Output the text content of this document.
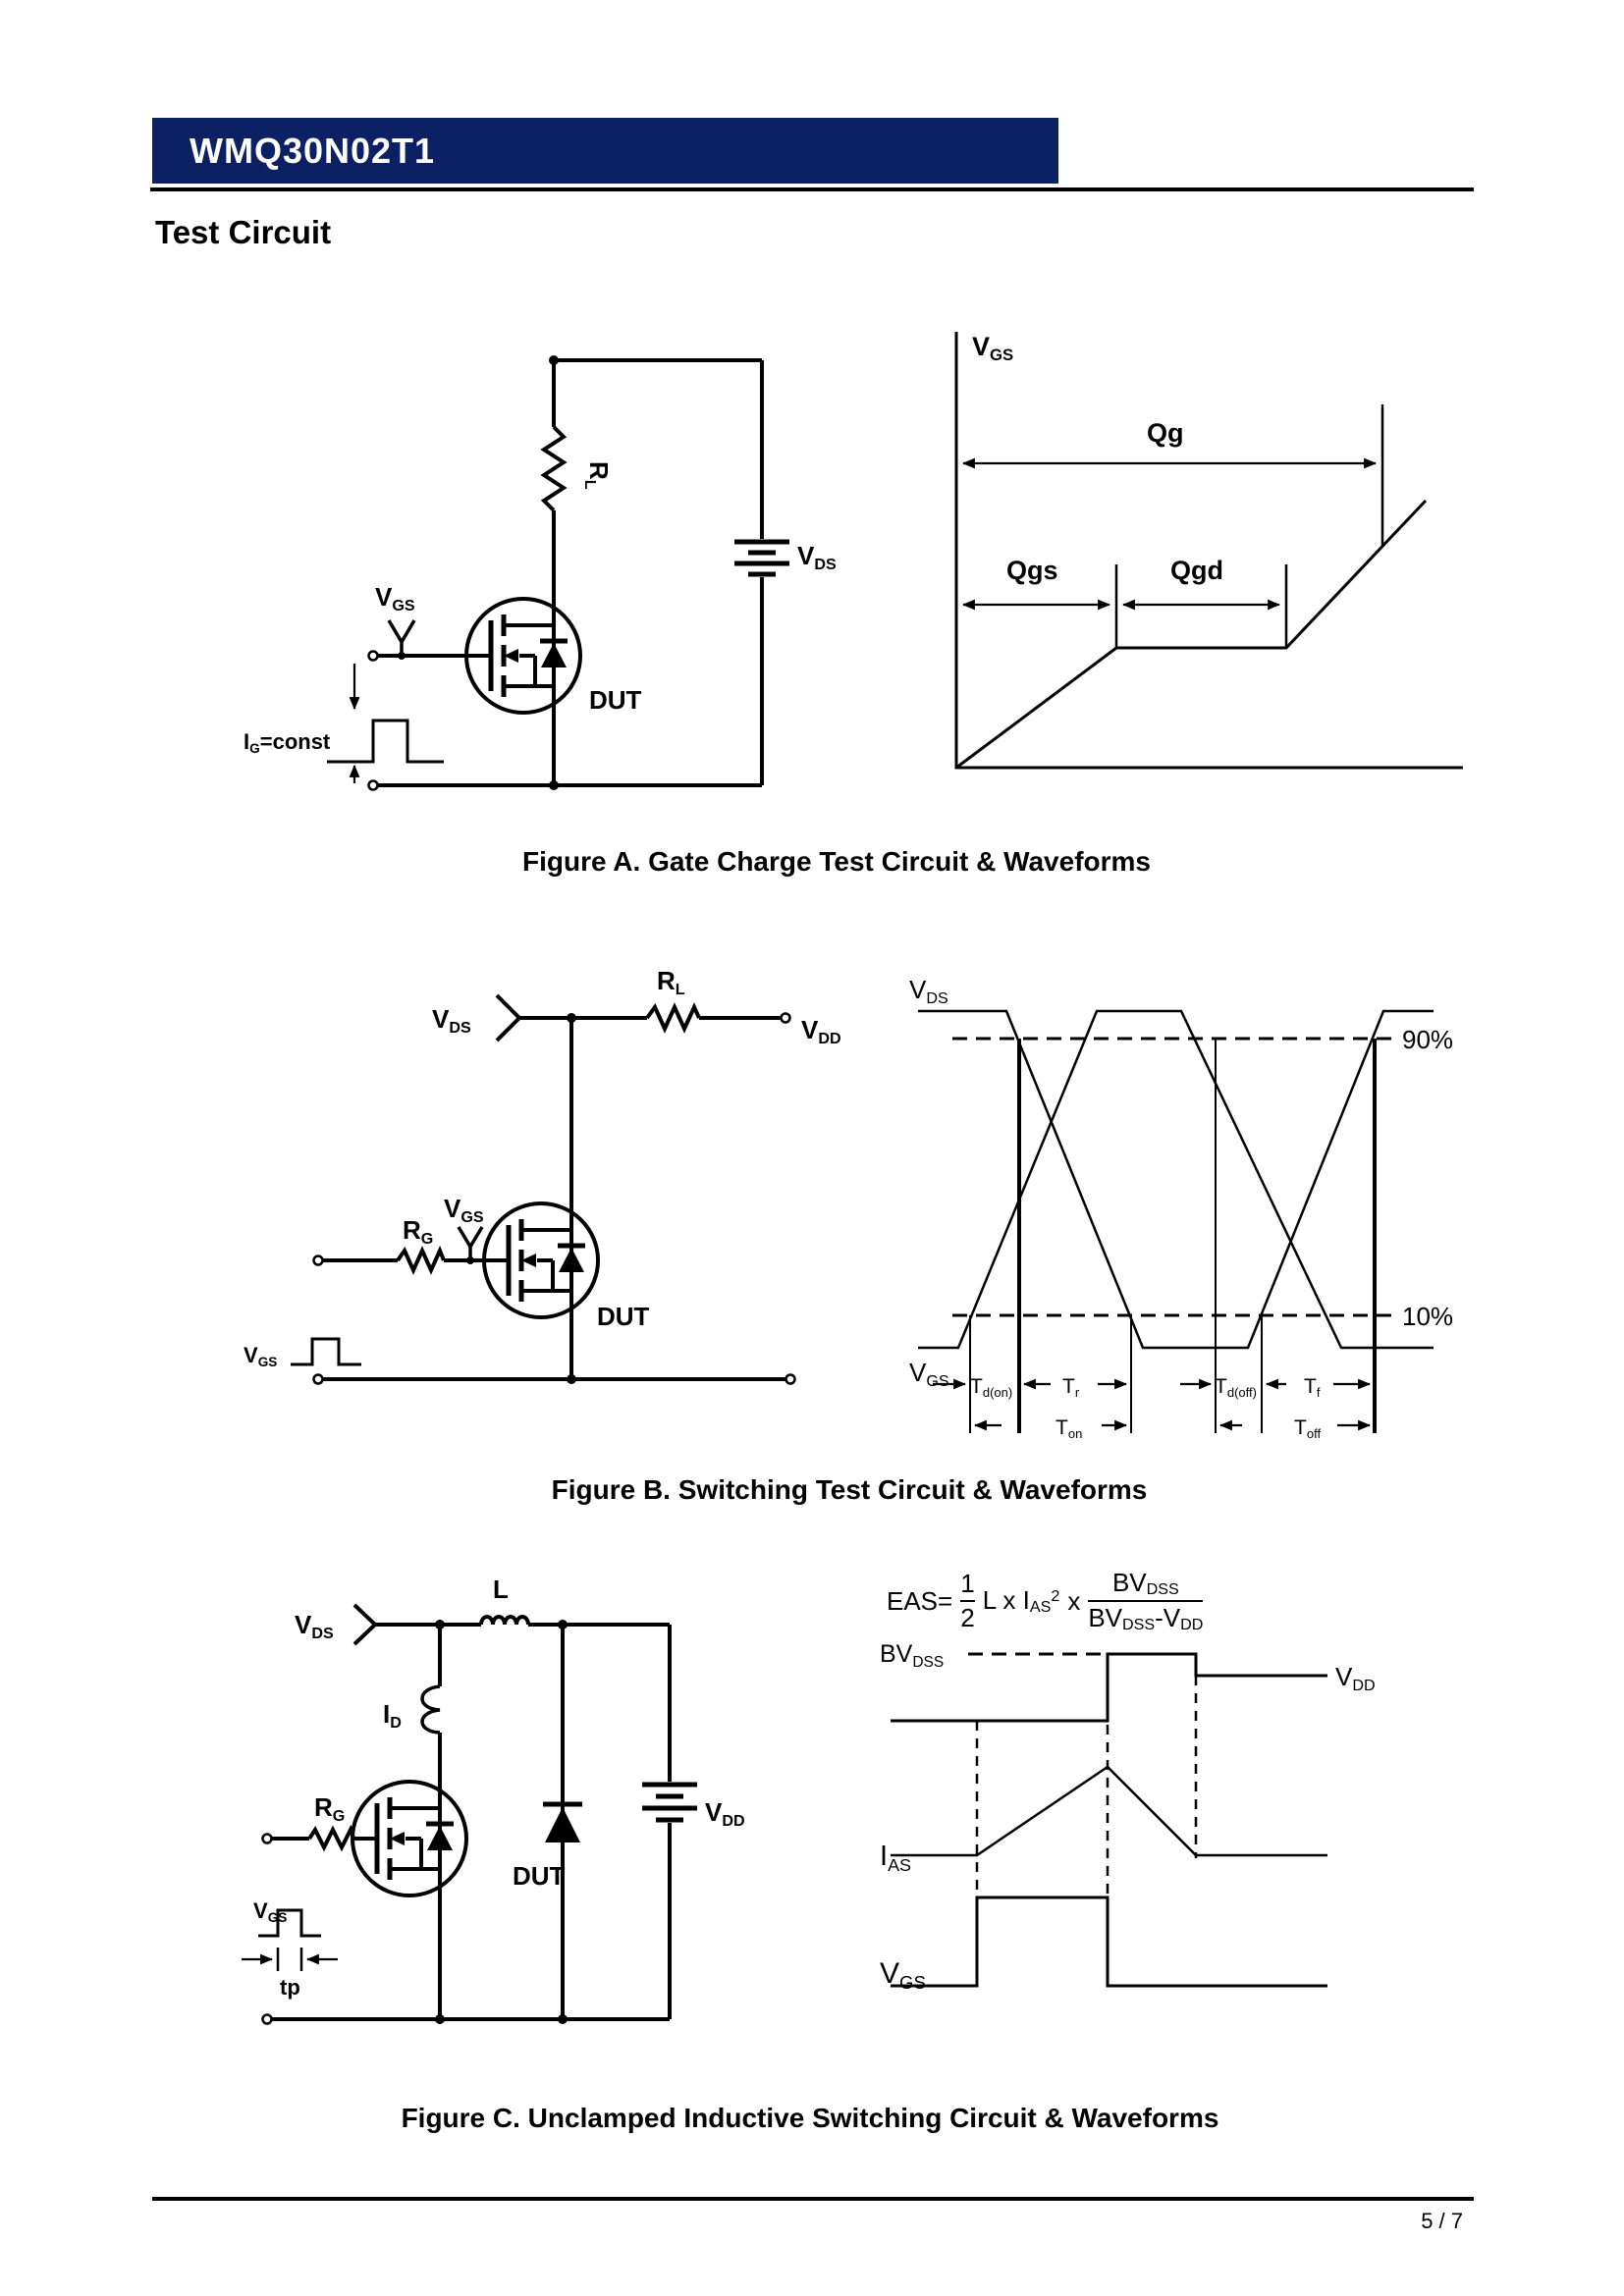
WMQ30N02T1
Test Circuit
RL
VGS
IG=const
DUT
VDS
VGS
Qg
Qgs	Qgd
Figure A. Gate Charge Test Circuit & Waveforms
VDS
RL
VDD
RG
VGS
VGS
DUT
VDS
VGS
90%
10%
Td(on) Tr	Td(off) Tf
Ton	Toff
Figure B. Switching Test Circuit & Waveforms
VDS
L
ID
RG
DUT
VGS
tp
VDD
$BV_{DSS}$	VDD
$I_{AS}$
$V_{GS}$
$EAS= \frac{1}{2}$ L x $I_{AS}^2$ x $\frac{BV_{DSS}}{BV_{DSS}-V_{DD}}$
Figure C. Unclamped Inductive Switching Circuit & Waveforms
5 / 7
